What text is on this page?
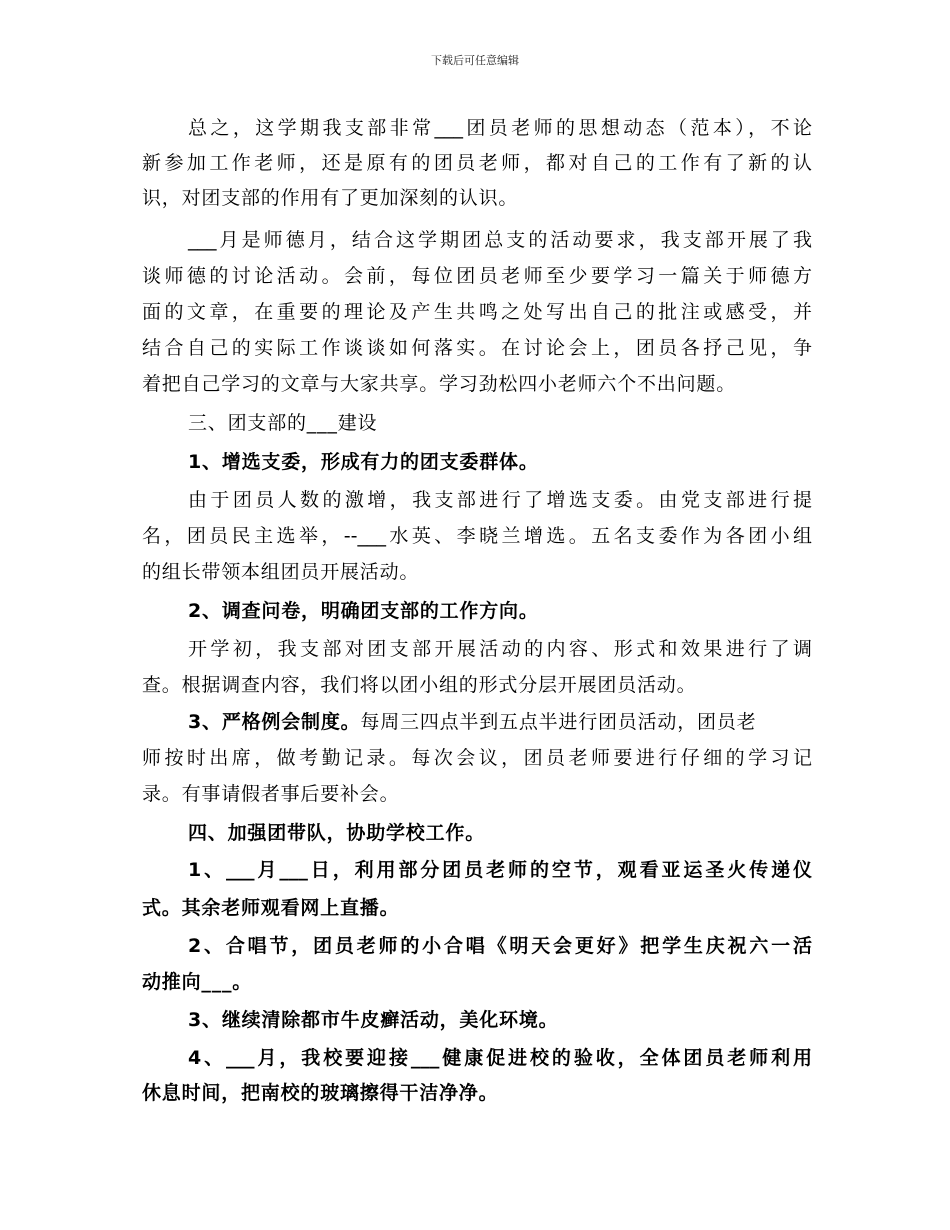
下载后可任意编辑
总之，这学期我支部非常___团员老师的思想动态（范本），不论
新参加工作老师，还是原有的团员老师，都对自己的工作有了新的认
识，对团支部的作用有了更加深刻的认识。
___月是师德月，结合这学期团总支的活动要求，我支部开展了我
谈师德的讨论活动。会前，每位团员老师至少要学习一篇关于师德方
面的文章，在重要的理论及产生共鸣之处写出自己的批注或感受，并
结合自己的实际工作谈谈如何落实。在讨论会上，团员各抒己见，争
着把自己学习的文章与大家共享。学习劲松四小老师六个不出问题。
三、团支部的___建设
1、增选支委，形成有力的团支委群体。
由于团员人数的激增，我支部进行了增选支委。由党支部进行提
名，团员民主选举，--___水英、李晓兰增选。五名支委作为各团小组
的组长带领本组团员开展活动。
2、调查问卷，明确团支部的工作方向。
开学初，我支部对团支部开展活动的内容、形式和效果进行了调
查。根据调查内容，我们将以团小组的形式分层开展团员活动。
3、严格例会制度。每周三四点半到五点半进行团员活动，团员老
师按时出席，做考勤记录。每次会议，团员老师要进行仔细的学习记
录。有事请假者事后要补会。
四、加强团带队，协助学校工作。
1、___月___日，利用部分团员老师的空节，观看亚运圣火传递仪
式。其余老师观看网上直播。
2、合唱节，团员老师的小合唱《明天会更好》把学生庆祝六一活
动推向___。
3、继续清除都市牛皮癣活动，美化环境。
4、___月，我校要迎接___健康促进校的验收，全体团员老师利用
休息时间，把南校的玻璃擦得干洁净净。
